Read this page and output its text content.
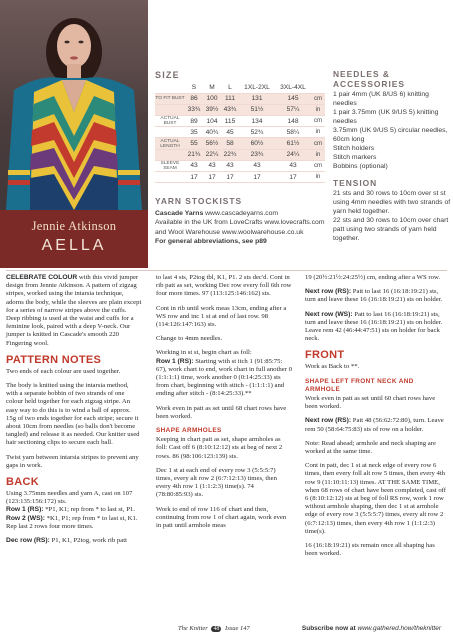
Jennie Atkinson
AELLA
SIZE
	S	M	L	1XL-2XL	3XL-4XL	
TO FIT BUST	86	100	111	131	145	cm
	33¾	39½	43¾	51½	57¼	in
ACTUAL BUST	89	104	115	134	148	cm
	35	40¾	45	52¾	58¼	in
ACTUAL LENGTH	55	56½	58	60½	61½	cm
	21¾	22¼	22¾	23¾	24¼	in
SLEEVE SEAM	43	43	43	43	43	cm
	17	17	17	17	17	in
NEEDLES & ACCESSORIES
1 pair 4mm (UK 8/US 6) knitting needles
1 pair 3.75mm (UK 9/US 5) knitting needles
3.75mm (UK 9/US 5) circular needles, 60cm long
Stitch holders
Stitch markers
Bobbins (optional)
TENSION
21 sts and 30 rows to 10cm over st st using 4mm needles with two strands of yarn held together.
22 sts and 30 rows to 10cm over chart patt using two strands of yarn held together.
YARN STOCKISTS
Cascade Yarns www.cascadeyarns.com
Available in the UK from LoveCrafts www.lovecrafts.com and Wool Warehouse www.woolwarehouse.co.uk
For general abbreviations, see p89

CELEBRATE COLOUR with this vivid jumper design from Jennie Atkinson. A pattern of zigzag stripes, worked using the intarsia technique, adorns the body, while the sleeves are plain except for a series of narrow stripes above the cuffs. Deep ribbing is used at the waist and cuffs for a feminine look, paired with a deep V-neck. Our jumper is knitted in Cascade's smooth 220 Fingering wool.

PATTERN NOTES

Two ends of each colour are used together.

The body is knitted using the intarsia method, with a separate bobbin of two strands of one colour held together for each zigzag stripe. An easy way to do this is to wind a ball of approx. 15g of two ends together for each stripe; secure it about 10cm from needles (so balls don't become tangled) and release it as needed. Our knitter used hair sectioning clips to secure each ball.

Twist yarn between intarsia stripes to prevent any gaps in work.

BACK

Using 3.75mm needles and yarn A, cast on 107 (123:135:156:172) sts.
Row 1 (RS): *P1, K1; rep from * to last st, P1.
Row 2 (WS): *K1, P1; rep from * to last st, K1. Rep last 2 rows four more times.

Dec row (RS): P1, K1, P2tog, work rib patt

to last 4 sts, P2tog tbl, K1, P1. 2 sts dec'd. Cont in rib patt as set, working Dec row every foll 6th row four more times. 97 (113:125:146:162) sts.

Cont in rib until work meas 13cm, ending after a WS row and inc 1 st at end of last row. 98 (114:126:147:163) sts.

Change to 4mm needles.

Working in st st, begin chart as foll:
Row 1 (RS): Starting with st itch 1 (91:85:75: 67), work chart to end, work chart in full another 0 (1:1:1:1) time, work another 0 (0:14:25:33) sts from chart, beginning with stitch - (1:1:1:1) and ending after stitch - (8:14:25:33).**

Work even in patt as set until 68 chart rows have been worked.

SHAPE ARMHOLES

Keeping in chart patt as set, shape armholes as foll: Cast off 6 (8:10:12:12) sts at beg of next 2 rows. 86 (98:106:123:139) sts.

Dec 1 st at each end of every row 3 (5:5:5:7) times, every alt row 2 (6:7:12:13) times, then every 4th row 1 (1:1:2:3) time(s). 74 (78:80:85:93) sts.

Work to end of row 116 of chart and then, continuing from row 1 of chart again, work even in patt until armhole meas

19 (20½:21½:24:25½) cm, ending after a WS row.

Next row (RS): Patt to last 16 (16:18:19:21) sts, turn and leave these 16 (16:18:19:21) sts on holder.

Next row (WS): Patt to last 16 (16:18:19:21) sts, turn and leave these 16 (16:18:19:21) sts on holder.
Leave rem 42 (46:44:47:51) sts on holder for back neck.

FRONT

Work as Back to **.

SHAPE LEFT FRONT NECK AND ARMHOLE

Work even in patt as set until 60 chart rows have been worked.

Next row (RS): Patt 48 (56:62:72:80), turn. Leave rem 50 (58:64:75:83) sts of row on a holder.

Note: Read ahead; armhole and neck shaping are worked at the same time.

Cont in patt, dec 1 st at neck edge of every row 6 times, then every foll alt row 5 times, then every 4th row 9 (11:10:11:13) times. AT THE SAME TIME, when 68 rows of chart have been completed, cast off 6 (8:10:12:12) sts at beg of foll RS row, work 1 row without armhole shaping, then dec 1 st at armhole edge of every row 3 (5:5:5:7) times, every alt row 2 (6:7:12:13) times, then every 4th row 1 (1:1:2:3) time(s).

16 (16:18:19:21) sts remain once all shaping has been worked.

The Knitter 48 Issue 147	Subscribe now at www.gathered.how/theknitter
